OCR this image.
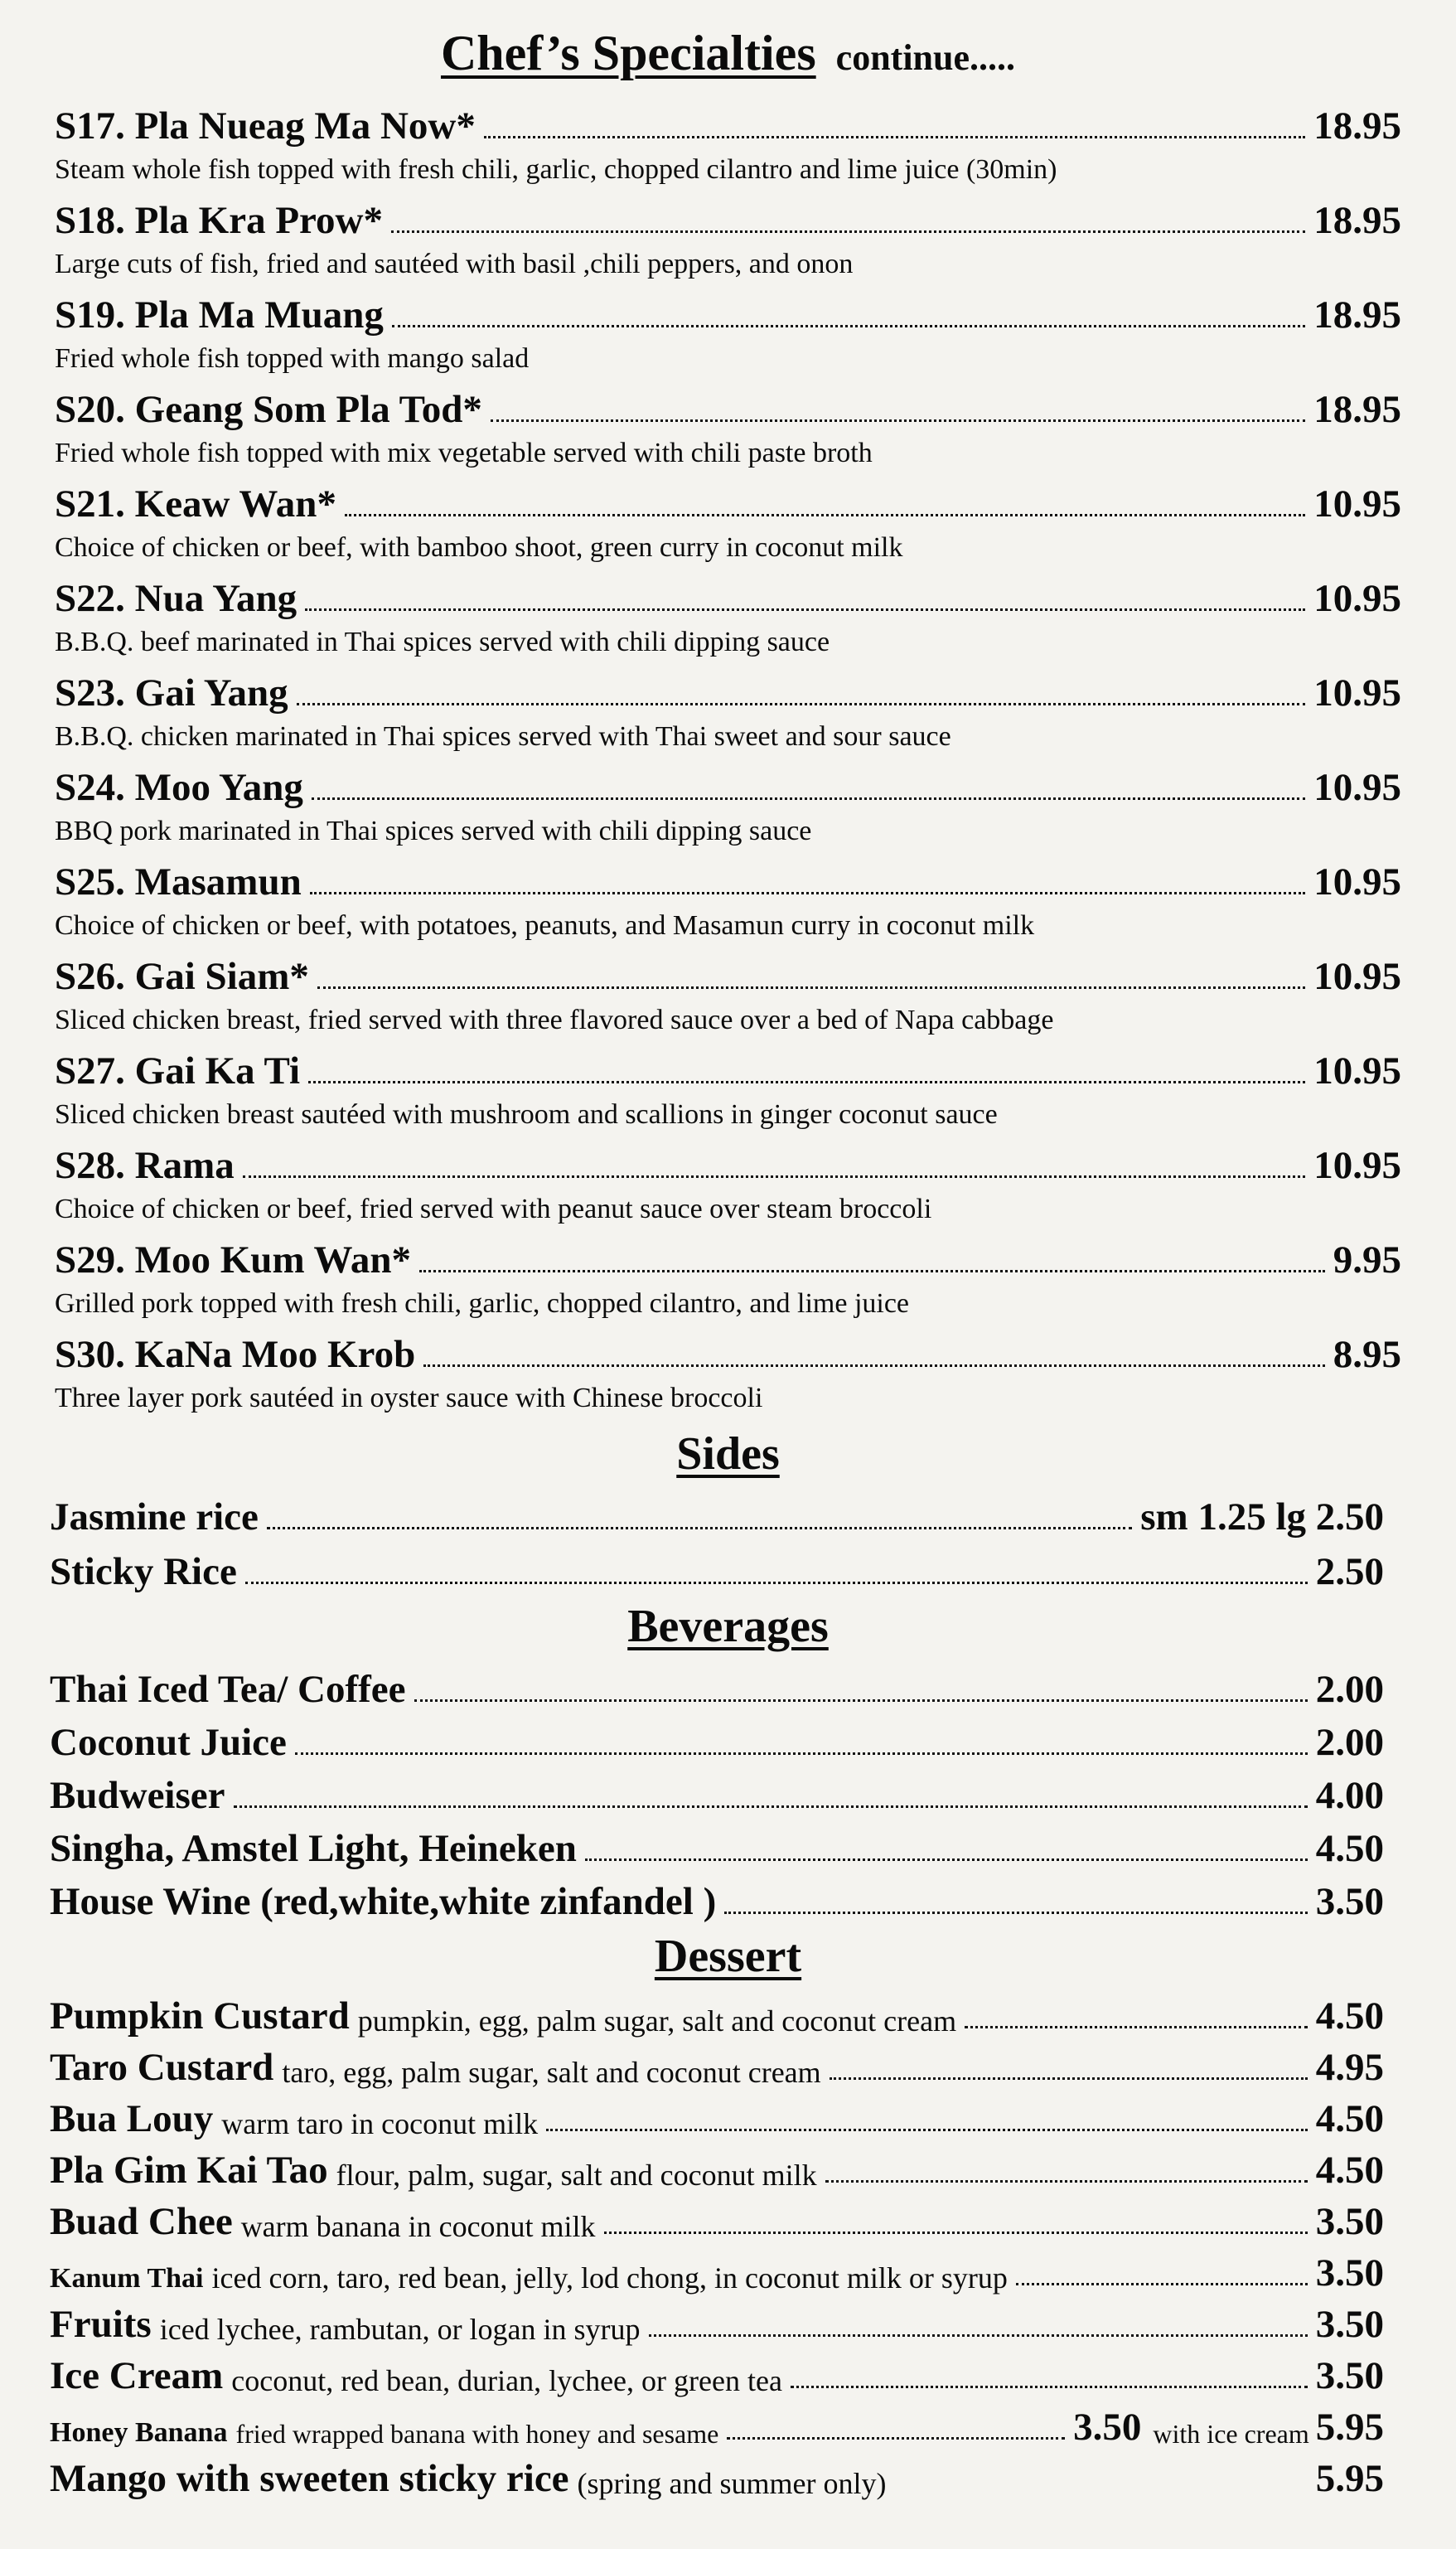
Chef’s Specialties continue.....
S17. Pla Nueag Ma Now*	18.95
Steam whole fish topped with fresh chili, garlic, chopped cilantro and lime juice (30min)
S18. Pla Kra Prow*	18.95
Large cuts of fish, fried and sautéed with basil ,chili peppers, and onon
S19. Pla Ma Muang	18.95
Fried whole fish topped with mango salad
S20. Geang Som Pla Tod*	18.95
Fried whole fish topped with mix vegetable served with chili paste broth
S21. Keaw Wan*	10.95
Choice of chicken or beef, with bamboo shoot, green curry in coconut milk
S22. Nua Yang	10.95
B.B.Q. beef marinated in Thai spices served with chili dipping sauce
S23. Gai Yang	10.95
B.B.Q. chicken marinated in Thai spices served with Thai sweet and sour sauce
S24. Moo Yang	10.95
BBQ pork marinated in Thai spices served with chili dipping sauce
S25. Masamun	10.95
Choice of chicken or beef, with potatoes, peanuts, and Masamun curry in coconut milk
S26. Gai Siam*	10.95
Sliced chicken breast, fried served with three flavored sauce over a bed of Napa cabbage
S27. Gai Ka Ti	10.95
Sliced chicken breast sautéed with mushroom and scallions in ginger coconut sauce
S28. Rama	10.95
Choice of chicken or beef, fried served with peanut sauce over steam broccoli
S29. Moo Kum Wan*	9.95
Grilled pork topped with fresh chili, garlic, chopped cilantro, and lime juice
S30. KaNa Moo Krob	8.95
Three layer pork sautéed in oyster sauce with Chinese broccoli
Sides
Jasmine rice	sm 1.25 lg 2.50
Sticky Rice	2.50
Beverages
Thai Iced Tea/ Coffee	2.00
Coconut Juice	2.00
Budweiser	4.00
Singha, Amstel Light, Heineken	4.50
House Wine (red,white,white zinfandel )	3.50
Dessert
Pumpkin Custard pumpkin, egg, palm sugar, salt and coconut cream	4.50
Taro Custard taro, egg, palm sugar, salt and coconut cream	4.95
Bua Louy warm taro in coconut milk	4.50
Pla Gim Kai Tao flour, palm, sugar, salt and coconut milk	4.50
Buad Chee warm banana in coconut milk	3.50
Kanum Thai iced corn, taro, red bean, jelly, lod chong, in coconut milk or syrup	3.50
Fruits iced lychee, rambutan, or logan in syrup	3.50
Ice Cream coconut, red bean, durian, lychee, or green tea	3.50
Honey Banana fried wrapped banana with honey and sesame	3.50 with ice cream 5.95
Mango with sweeten sticky rice (spring and summer only)	5.95
